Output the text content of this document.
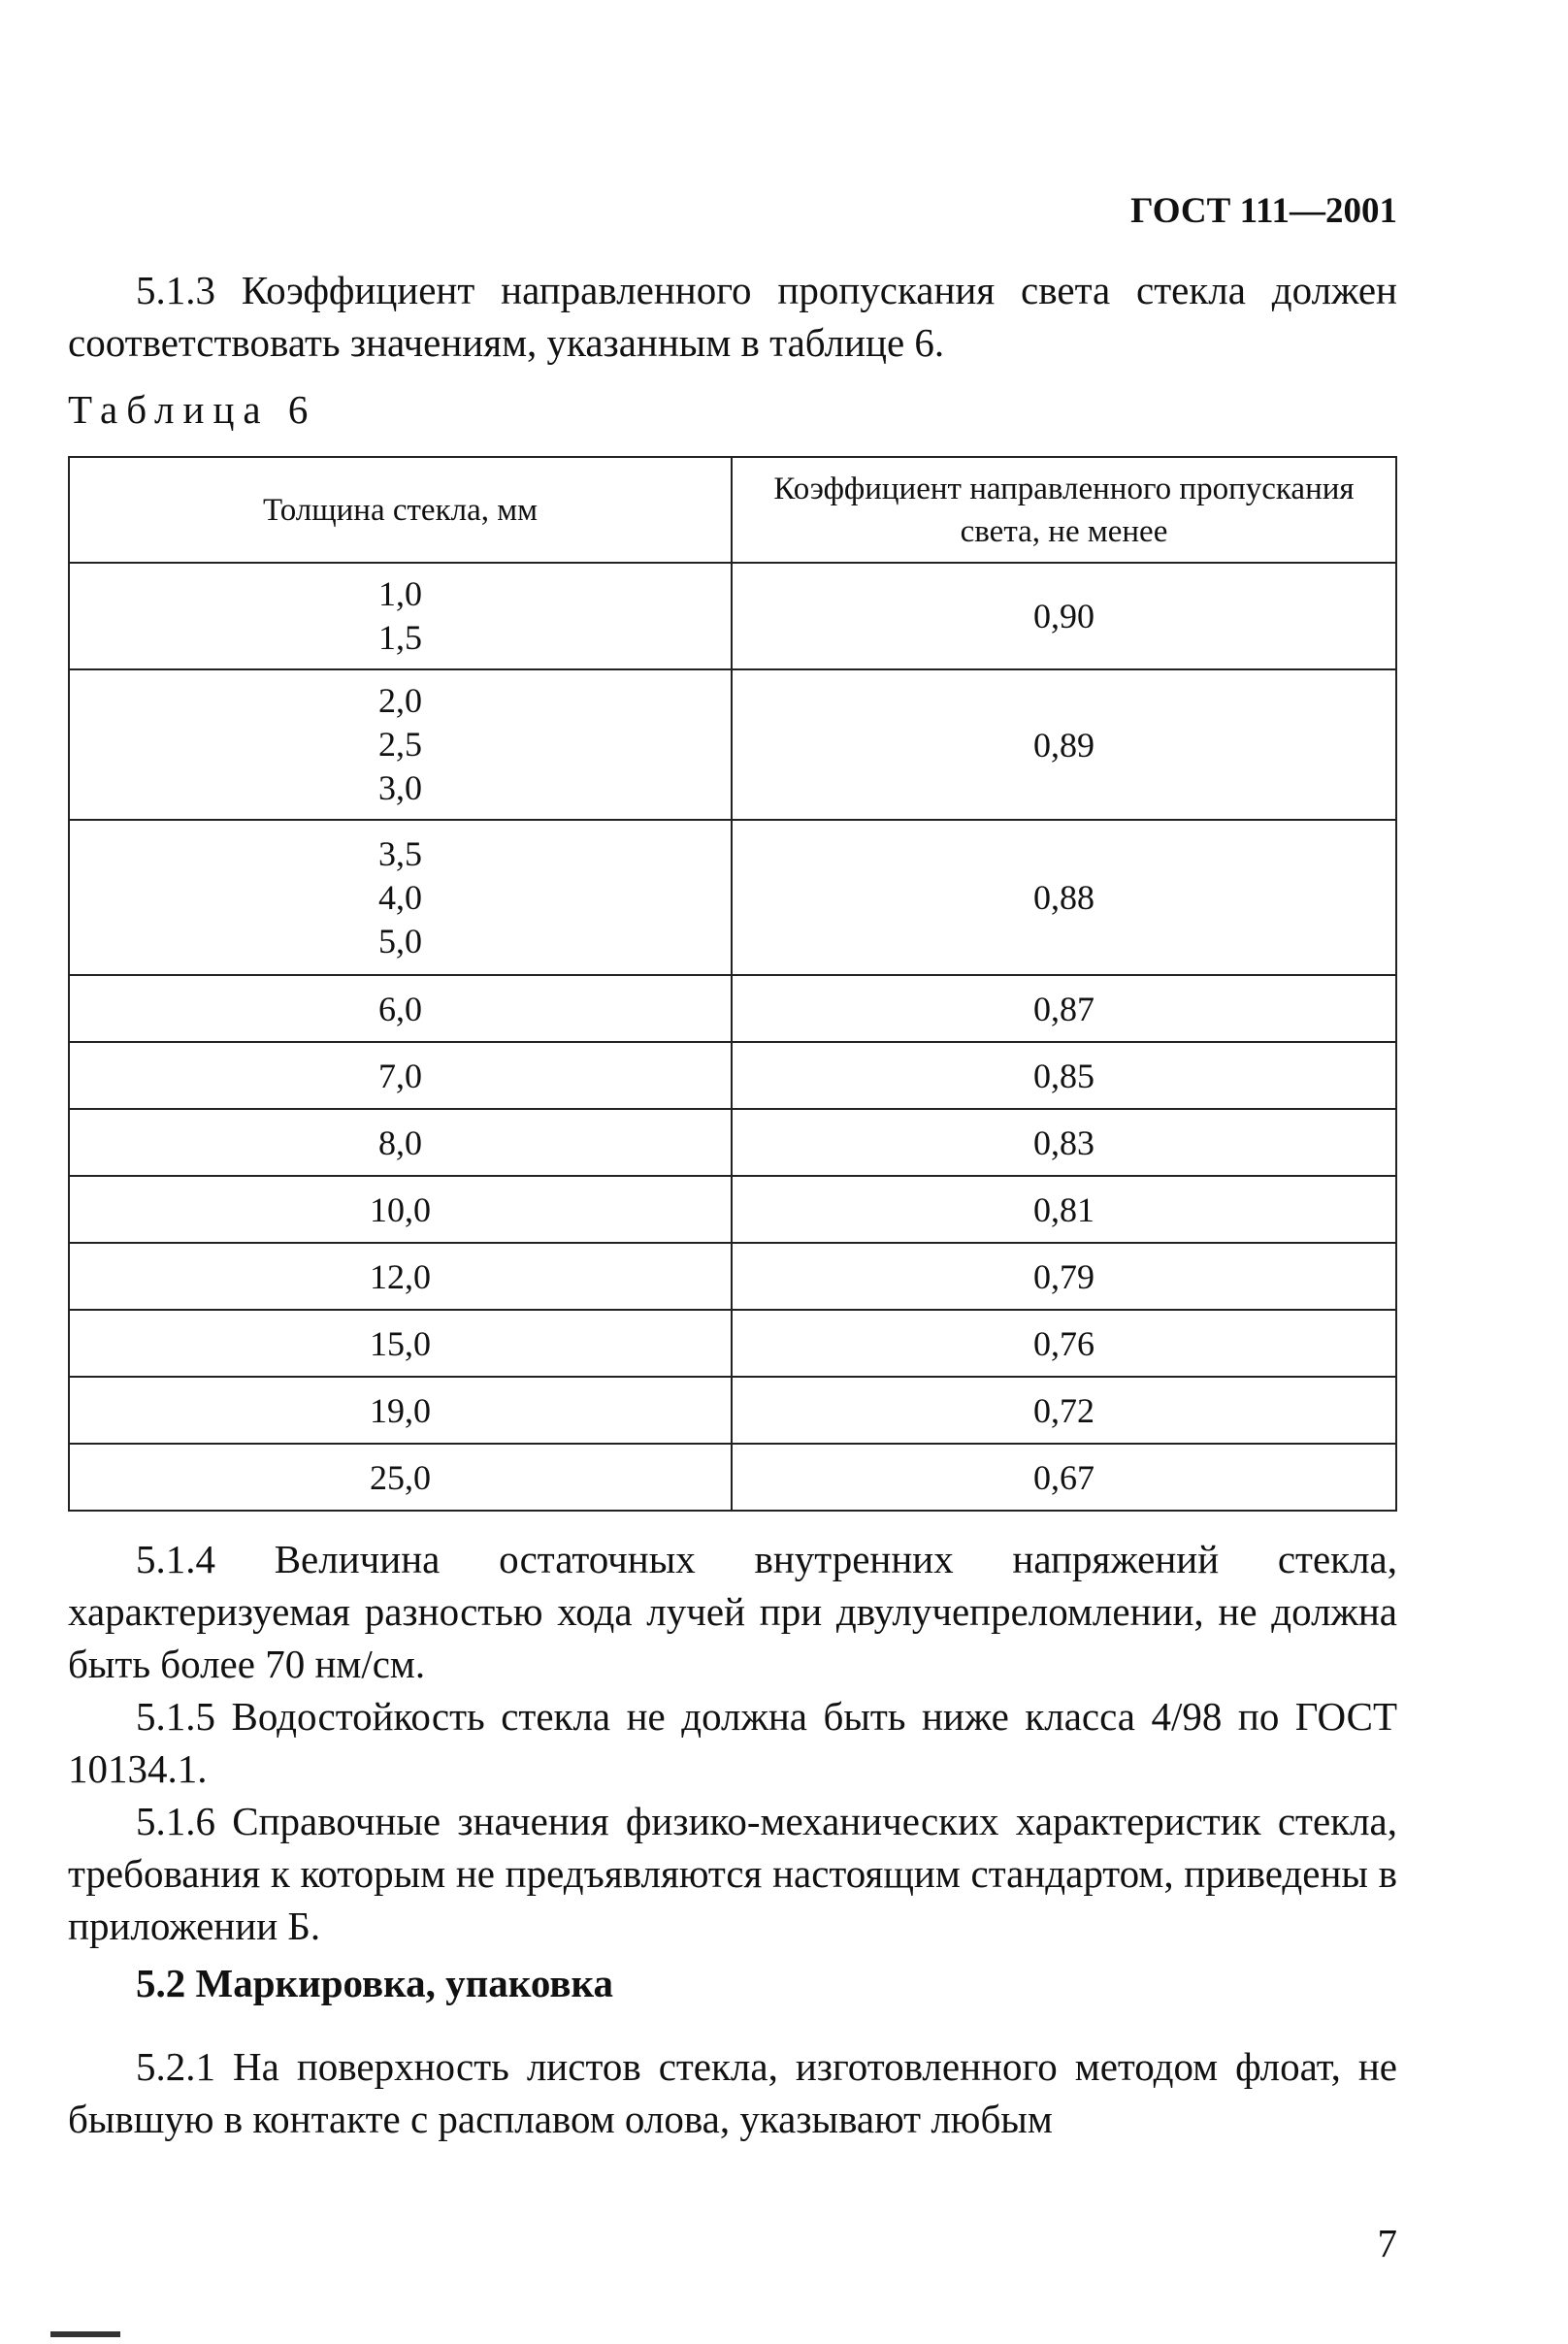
ГОСТ 111—2001

5.1.3 Коэффициент направленного пропускания света стекла должен соответствовать значениям, указанным в таблице 6.

Таблица 6
Толщина стекла, мм	Коэффициент направленного пропускания света, не менее

1,0
1,5	0,90

2,0
2,5
3,0	0,89

3,5
4,0
5,0	0,88
6,0	0,87
7,0	0,85
8,0	0,83
10,0	0,81
12,0	0,79
15,0	0,76
19,0	0,72
25,0	0,67

5.1.4 Величина остаточных внутренних напряжений стекла, характеризуемая разностью хода лучей при двулучепреломлении, не должна быть более 70 нм/см.

5.1.5 Водостойкость стекла не должна быть ниже класса 4/98 по ГОСТ 10134.1.

5.1.6 Справочные значения физико-механических характеристик стекла, требования к которым не предъявляются настоящим стандартом, приведены в приложении Б.

5.2 Маркировка, упаковка

5.2.1 На поверхность листов стекла, изготовленного методом флоат, не бывшую в контакте с расплавом олова, указывают любым

7
